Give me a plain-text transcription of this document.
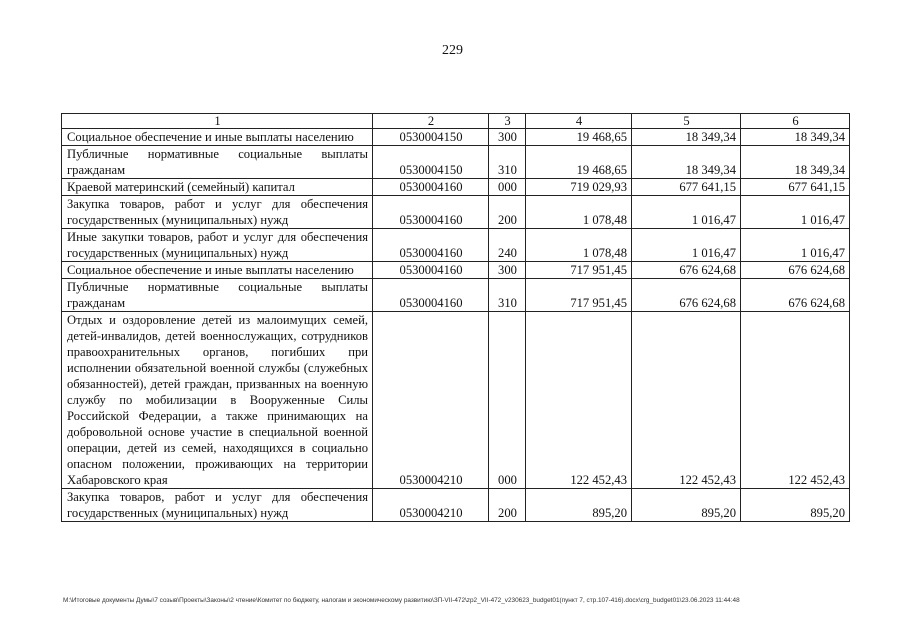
229
1	2	3	4	5	6
Социальное обеспечение и иные выплаты населению	0530004150	300	19 468,65	18 349,34	18 349,34
Публичные нормативные социальные выплаты гражданам	0530004150	310	19 468,65	18 349,34	18 349,34
Краевой материнский (семейный) капитал	0530004160	000	719 029,93	677 641,15	677 641,15
Закупка товаров, работ и услуг для обеспечения государственных (муниципальных) нужд	0530004160	200	1 078,48	1 016,47	1 016,47
Иные закупки товаров, работ и услуг для обеспечения государственных (муниципальных) нужд	0530004160	240	1 078,48	1 016,47	1 016,47
Социальное обеспечение и иные выплаты населению	0530004160	300	717 951,45	676 624,68	676 624,68
Публичные нормативные социальные выплаты гражданам	0530004160	310	717 951,45	676 624,68	676 624,68
Отдых и оздоровление детей из малоимущих семей, детей-инвалидов, детей военнослужащих, сотрудников правоохранительных органов, погибших при исполнении обязательной военной службы (служебных обязанностей), детей граждан, призванных на военную службу по мобилизации в Вооруженные Силы Российской Федерации, а также принимающих на добровольной основе участие в специальной военной операции, детей из семей, находящихся в социально опасном положении, проживающих на территории Хабаровского края	0530004210	000	122 452,43	122 452,43	122 452,43
Закупка товаров, работ и услуг для обеспечения государственных (муниципальных) нужд	0530004210	200	895,20	895,20	895,20
M:\Итоговые документы Думы\7 созыв\Проекты\Законы\2 чтение\Комитет по бюджету, налогам и экономическому развитию\ЗП-VII-472\zp2_VII-472_v230623_budget01(пункт 7, стр.107-416).docx\crg_budget01\23.06.2023 11:44:48
